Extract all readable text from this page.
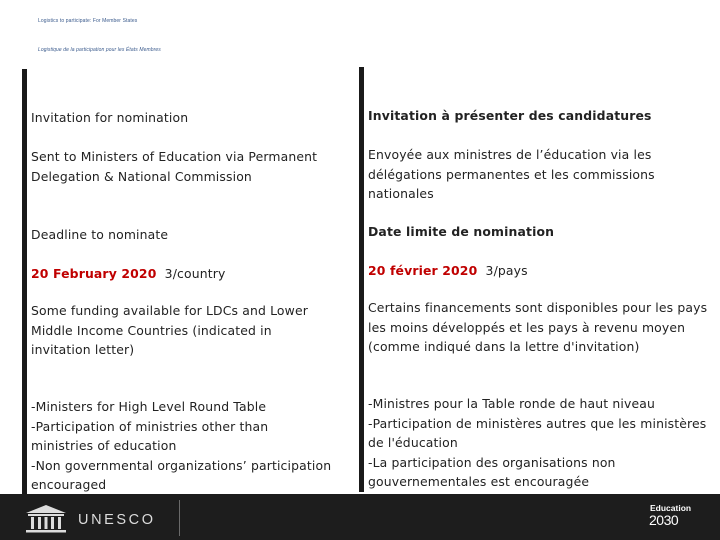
Logistics to participate: For Member States
Logistique de la participation pour les États Membres

Invitation for nomination

Sent to Ministers of Education via Permanent
Delegation & National Commission

Invitation à présenter des candidatures

Envoyée aux ministres de l’éducation via les
délégations permanentes et les commissions
nationales

Deadline to nominate

20 February 2020 3/country

Date limite de nomination

20 février 2020 3/pays

Some funding available for LDCs and Lower
Middle Income Countries (indicated in
invitation letter)

Certains financements sont disponibles pour les pays
les moins développés et les pays à revenu moyen
(comme indiqué dans la lettre d'invitation)

-Ministers for High Level Round Table
-Participation of ministries other than
ministries of education
-Non governmental organizations’ participation
encouraged

-Ministres pour la Table ronde de haut niveau
-Participation de ministères autres que les ministères
de l'éducation
-La participation des organisations non
gouvernementales est encouragée

UNESCO
Education
2030
